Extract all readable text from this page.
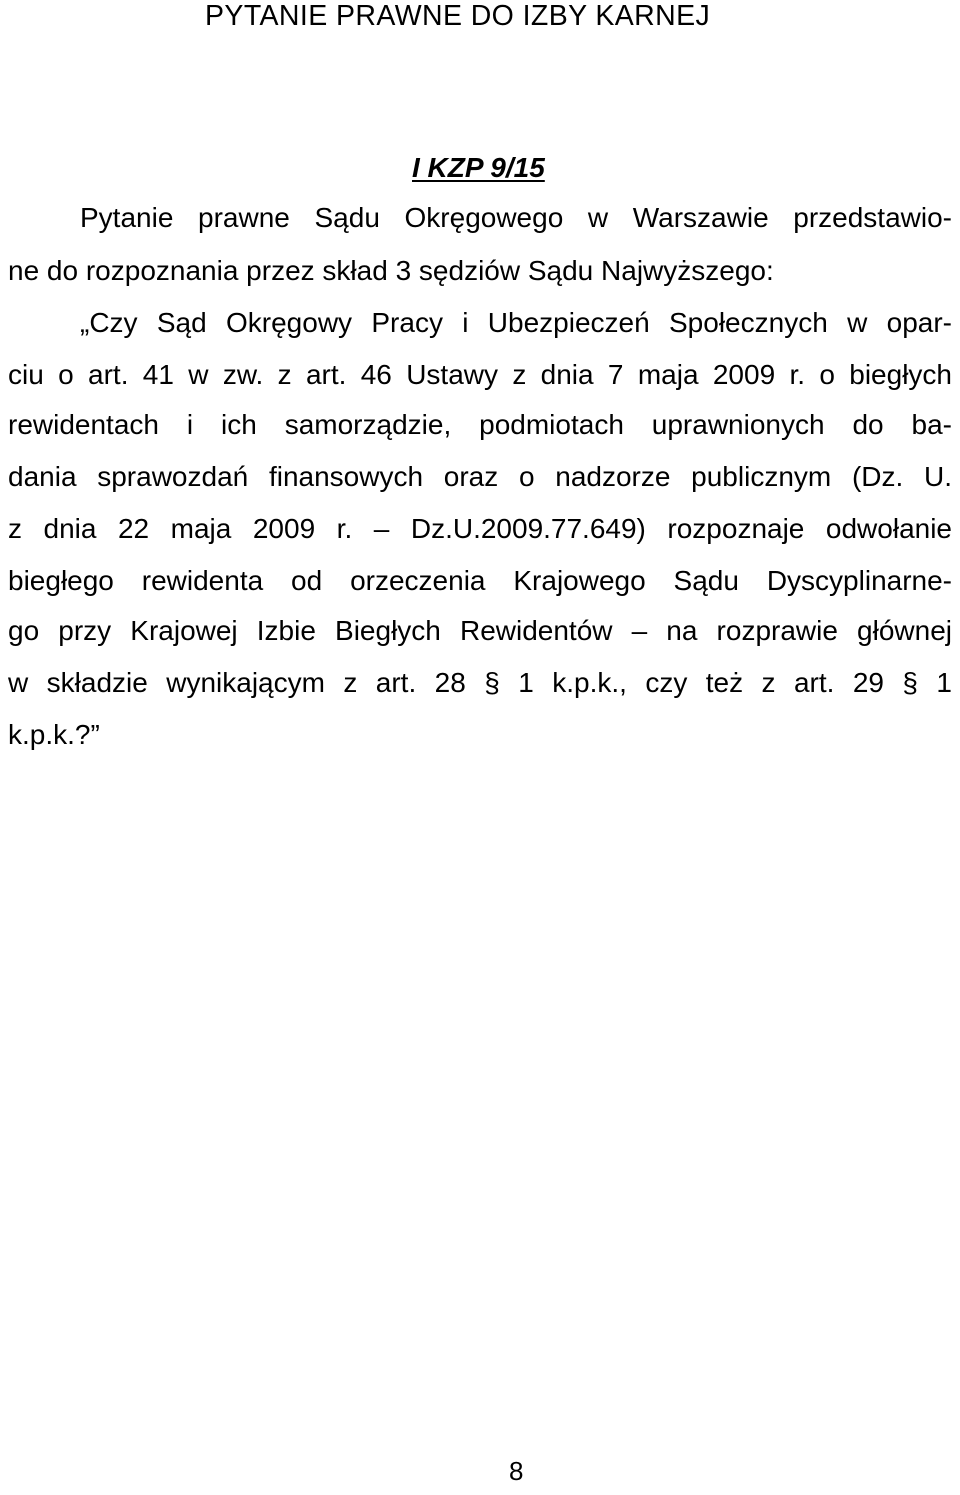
PYTANIE PRAWNE DO IZBY KARNEJ
I KZP 9/15

Pytanie prawne Sądu Okręgowego w Warszawie przedstawio-

ne do rozpoznania przez skład 3 sędziów Sądu Najwyższego:

„Czy Sąd Okręgowy Pracy i Ubezpieczeń Społecznych w opar-

ciu o art. 41 w zw. z art. 46 Ustawy z dnia 7 maja 2009 r. o biegłych

rewidentach i ich samorządzie, podmiotach uprawnionych do ba-

dania sprawozdań finansowych oraz o nadzorze publicznym (Dz. U.

z dnia 22 maja 2009 r. – Dz.U.2009.77.649) rozpoznaje odwołanie

biegłego rewidenta od orzeczenia Krajowego Sądu Dyscyplinarne-

go przy Krajowej Izbie Biegłych Rewidentów – na rozprawie głównej

w składzie wynikającym z art. 28 § 1 k.p.k., czy też z art. 29 § 1

k.p.k.?”

8
